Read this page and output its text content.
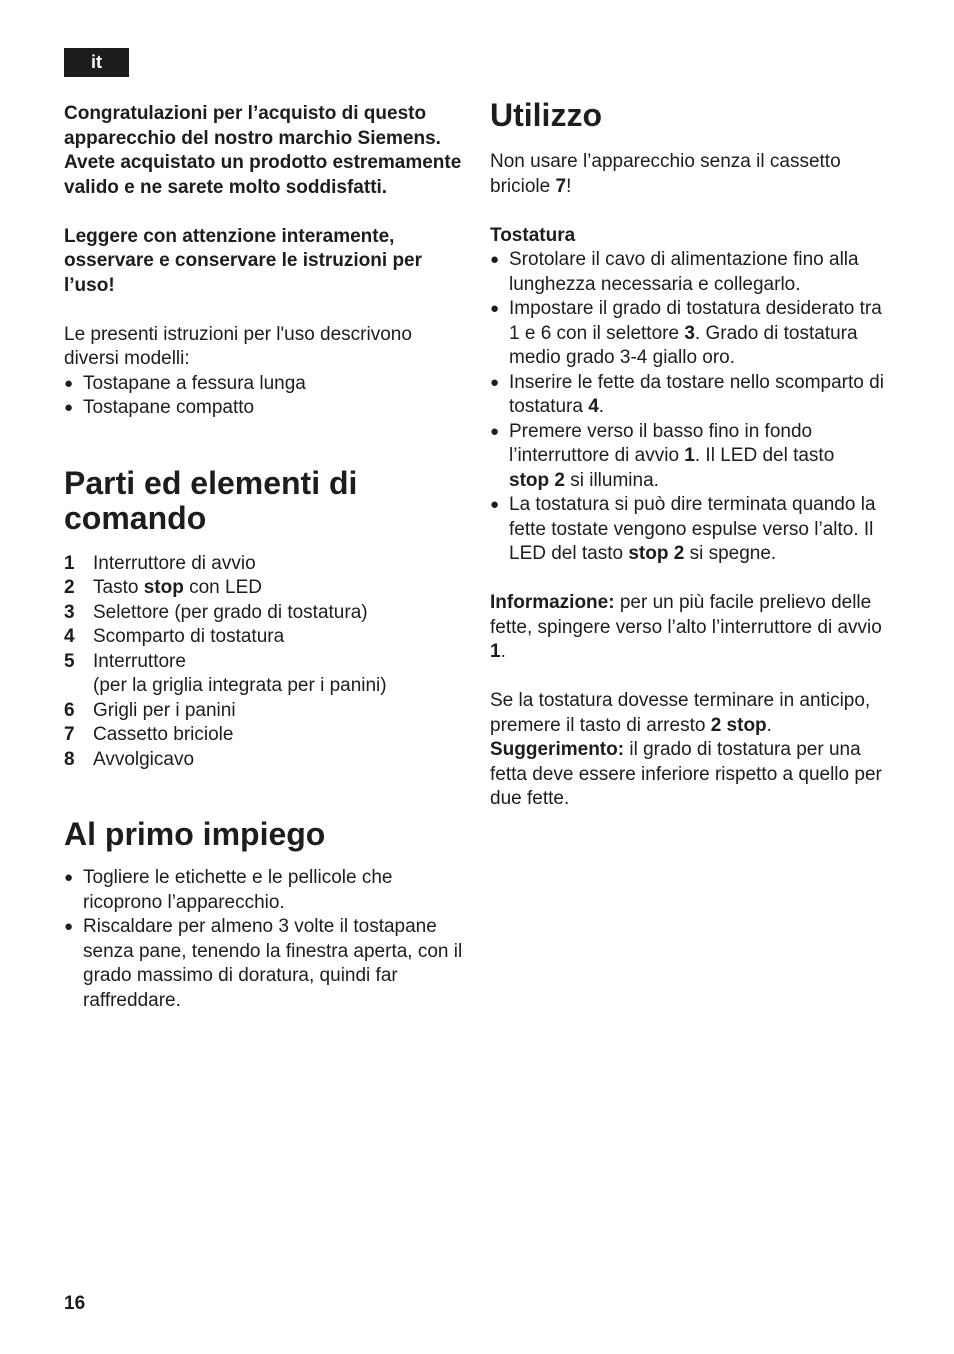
it

Congratulazioni per l’acquisto di questo apparecchio del nostro marchio Siemens. Avete acquistato un prodotto estremamente valido e ne sarete molto soddisfatti.

Leggere con attenzione interamente, osservare e conservare le istruzioni per l’uso!

Le presenti istruzioni per l'uso descrivono diversi modelli:

● Tostapane a fessura lunga
● Tostapane compatto
Parti ed elementi di comando
1 Interruttore di avvio
2 Tasto stop con LED
3 Selettore (per grado di tostatura)
4 Scomparto di tostatura
5 Interruttore
(per la griglia integrata per i panini)
6 Grigli per i panini
7 Cassetto briciole
8 Avvolgicavo
Al primo impiego
● Togliere le etichette e le pellicole che ricoprono l’apparecchio.
● Riscaldare per almeno 3 volte il tostapane senza pane, tenendo la finestra aperta, con il grado massimo di doratura, quindi far raffreddare.
Utilizzo

Non usare l’apparecchio senza il cassetto briciole 7!

Tostatura

● Srotolare il cavo di alimentazione fino alla lunghezza necessaria e collegarlo.
● Impostare il grado di tostatura desiderato tra 1 e 6 con il selettore 3. Grado di tostatura medio grado 3-4 giallo oro.
● Inserire le fette da tostare nello scomparto di tostatura 4.
● Premere verso il basso fino in fondo l’interruttore di avvio 1. Il LED del tasto
stop 2 si illumina.
● La tostatura si può dire terminata quando la fette tostate vengono espulse verso l’alto. Il LED del tasto stop 2 si spegne.

Informazione: per un più facile prelievo delle fette, spingere verso l’alto l’interruttore di avvio 1.

Se la tostatura dovesse terminare in anticipo, premere il tasto di arresto 2 stop.
Suggerimento: il grado di tostatura per una fetta deve essere inferiore rispetto a quello per due fette.

16
